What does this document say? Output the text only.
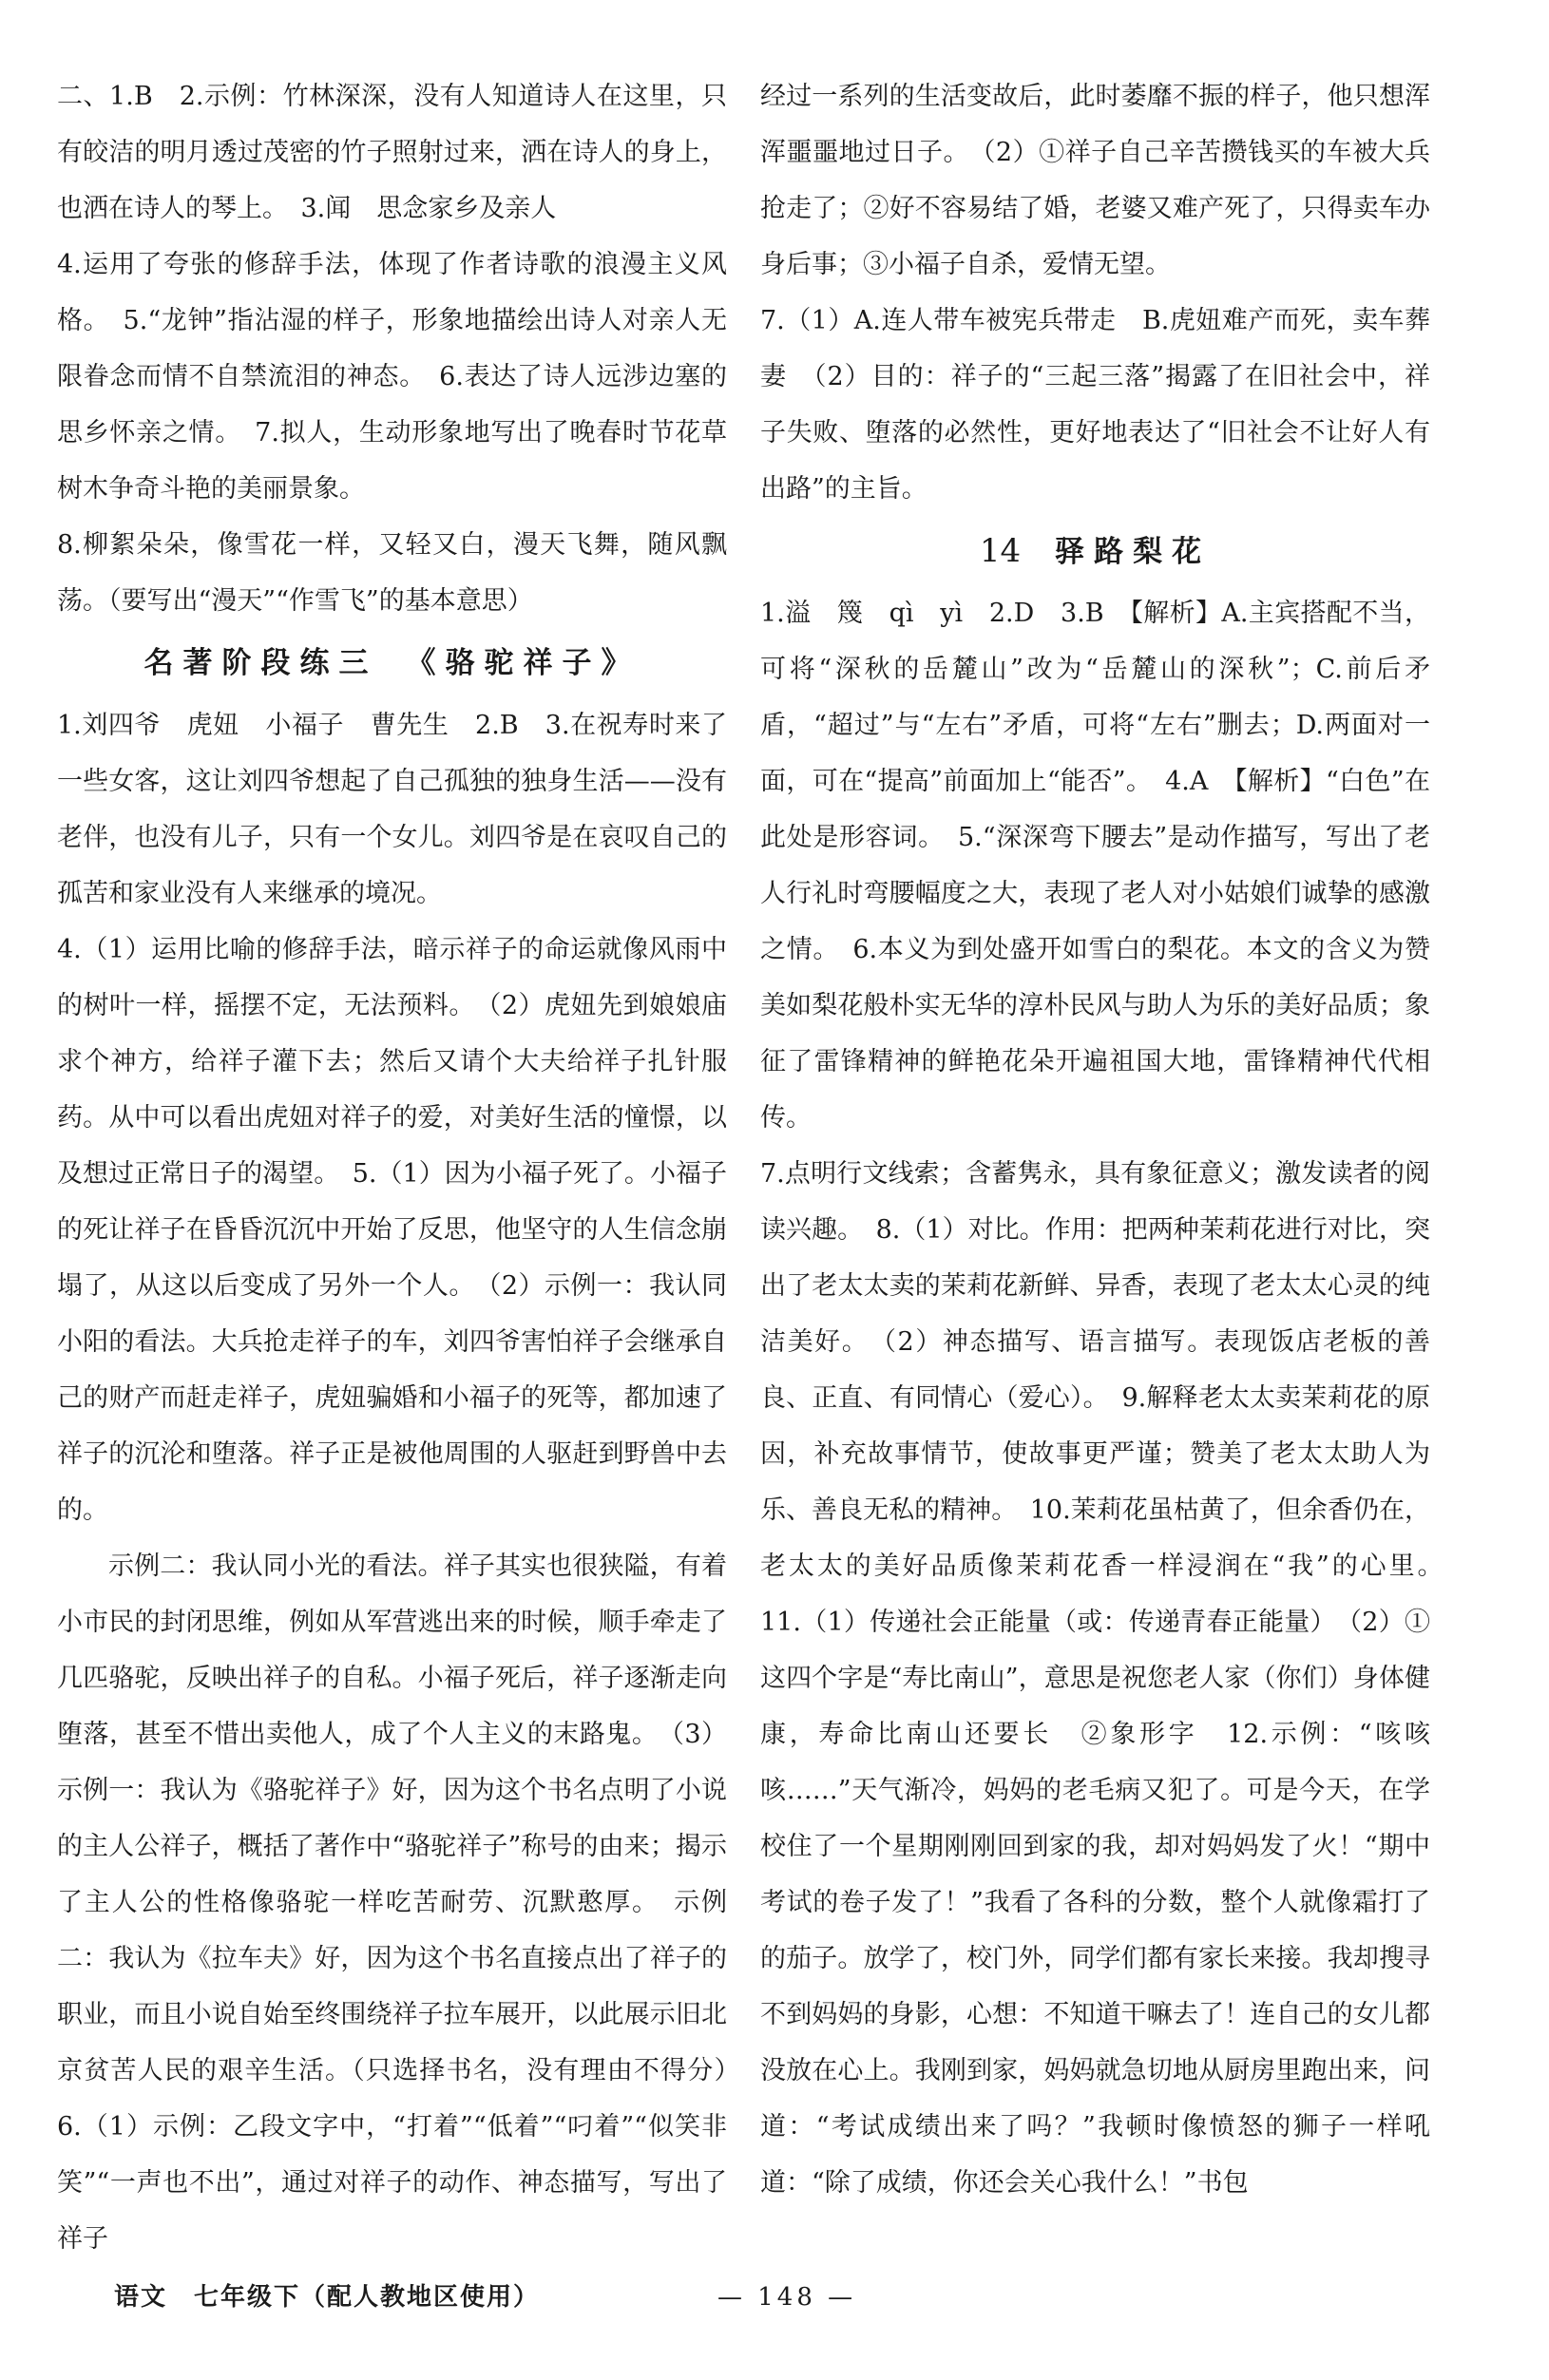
二、1.B　2.示例：竹林深深，没有人知道诗人在这里，只有皎洁的明月透过茂密的竹子照射过来，洒在诗人的身上，也洒在诗人的琴上。　3.闻　思念家乡及亲人

4.运用了夸张的修辞手法，体现了作者诗歌的浪漫主义风格。　5.“龙钟”指沾湿的样子，形象地描绘出诗人对亲人无限眷念而情不自禁流泪的神态。　6.表达了诗人远涉边塞的思乡怀亲之情。　7.拟人，生动形象地写出了晚春时节花草树木争奇斗艳的美丽景象。

8.柳絮朵朵，像雪花一样，又轻又白，漫天飞舞，随风飘荡。（要写出“漫天”“作雪飞”的基本意思）

名著阶段练三 《骆驼祥子》

1.刘四爷　虎妞　小福子　曹先生　2.B　3.在祝寿时来了一些女客，这让刘四爷想起了自己孤独的独身生活——没有老伴，也没有儿子，只有一个女儿。刘四爷是在哀叹自己的孤苦和家业没有人来继承的境况。

4.（1）运用比喻的修辞手法，暗示祥子的命运就像风雨中的树叶一样，摇摆不定，无法预料。　（2）虎妞先到娘娘庙求个神方，给祥子灌下去；然后又请个大夫给祥子扎针服药。从中可以看出虎妞对祥子的爱，对美好生活的憧憬，以及想过正常日子的渴望。　5.（1）因为小福子死了。小福子的死让祥子在昏昏沉沉中开始了反思，他坚守的人生信念崩塌了，从这以后变成了另外一个人。　（2）示例一：我认同小阳的看法。大兵抢走祥子的车，刘四爷害怕祥子会继承自己的财产而赶走祥子，虎妞骗婚和小福子的死等，都加速了祥子的沉沦和堕落。祥子正是被他周围的人驱赶到野兽中去的。

示例二：我认同小光的看法。祥子其实也很狭隘，有着小市民的封闭思维，例如从军营逃出来的时候，顺手牵走了几匹骆驼，反映出祥子的自私。小福子死后，祥子逐渐走向堕落，甚至不惜出卖他人，成了个人主义的末路鬼。　（3）示例一：我认为《骆驼祥子》好，因为这个书名点明了小说的主人公祥子，概括了著作中“骆驼祥子”称号的由来；揭示了主人公的性格像骆驼一样吃苦耐劳、沉默憨厚。　示例二：我认为《拉车夫》好，因为这个书名直接点出了祥子的职业，而且小说自始至终围绕祥子拉车展开，以此展示旧北京贫苦人民的艰辛生活。（只选择书名，没有理由不得分）　6.（1）示例：乙段文字中，“打着”“低着”“叼着”“似笑非笑”“一声也不出”，通过对祥子的动作、神态描写，写出了祥子

经过一系列的生活变故后，此时萎靡不振的样子，他只想浑浑噩噩地过日子。　（2）①祥子自己辛苦攒钱买的车被大兵抢走了；②好不容易结了婚，老婆又难产死了，只得卖车办身后事；③小福子自杀，爱情无望。

7.（1）A.连人带车被宪兵带走　B.虎妞难产而死，卖车葬妻　（2）目的：祥子的“三起三落”揭露了在旧社会中，祥子失败、堕落的必然性，更好地表达了“旧社会不让好人有出路”的主旨。

14 驿路梨花

1.溢　篾　qì　yì　2.D　3.B　【解析】A.主宾搭配不当，可将“深秋的岳麓山”改为“岳麓山的深秋”；C.前后矛盾，“超过”与“左右”矛盾，可将“左右”删去；D.两面对一面，可在“提高”前面加上“能否”。　4.A　【解析】“白色”在此处是形容词。　5.“深深弯下腰去”是动作描写，写出了老人行礼时弯腰幅度之大，表现了老人对小姑娘们诚挚的感激之情。　6.本义为到处盛开如雪白的梨花。本文的含义为赞美如梨花般朴实无华的淳朴民风与助人为乐的美好品质；象征了雷锋精神的鲜艳花朵开遍祖国大地，雷锋精神代代相传。

7.点明行文线索；含蓄隽永，具有象征意义；激发读者的阅读兴趣。　8.（1）对比。作用：把两种茉莉花进行对比，突出了老太太卖的茉莉花新鲜、异香，表现了老太太心灵的纯洁美好。　（2）神态描写、语言描写。表现饭店老板的善良、正直、有同情心（爱心）。　9.解释老太太卖茉莉花的原因，补充故事情节，使故事更严谨；赞美了老太太助人为乐、善良无私的精神。　10.茉莉花虽枯黄了，但余香仍在，老太太的美好品质像茉莉花香一样浸润在“我”的心里。　11.（1）传递社会正能量（或：传递青春正能量）　（2）①这四个字是“寿比南山”，意思是祝您老人家（你们）身体健康，寿命比南山还要长　②象形字　12.示例：“咳咳咳……”天气渐冷，妈妈的老毛病又犯了。可是今天，在学校住了一个星期刚刚回到家的我，却对妈妈发了火！“期中考试的卷子发了！”我看了各科的分数，整个人就像霜打了的茄子。放学了，校门外，同学们都有家长来接。我却搜寻不到妈妈的身影，心想：不知道干嘛去了！连自己的女儿都没放在心上。我刚到家，妈妈就急切地从厨房里跑出来，问道：“考试成绩出来了吗？”我顿时像愤怒的狮子一样吼道：“除了成绩，你还会关心我什么！”书包

语文　七年级下（配人教地区使用）	— 148 —
